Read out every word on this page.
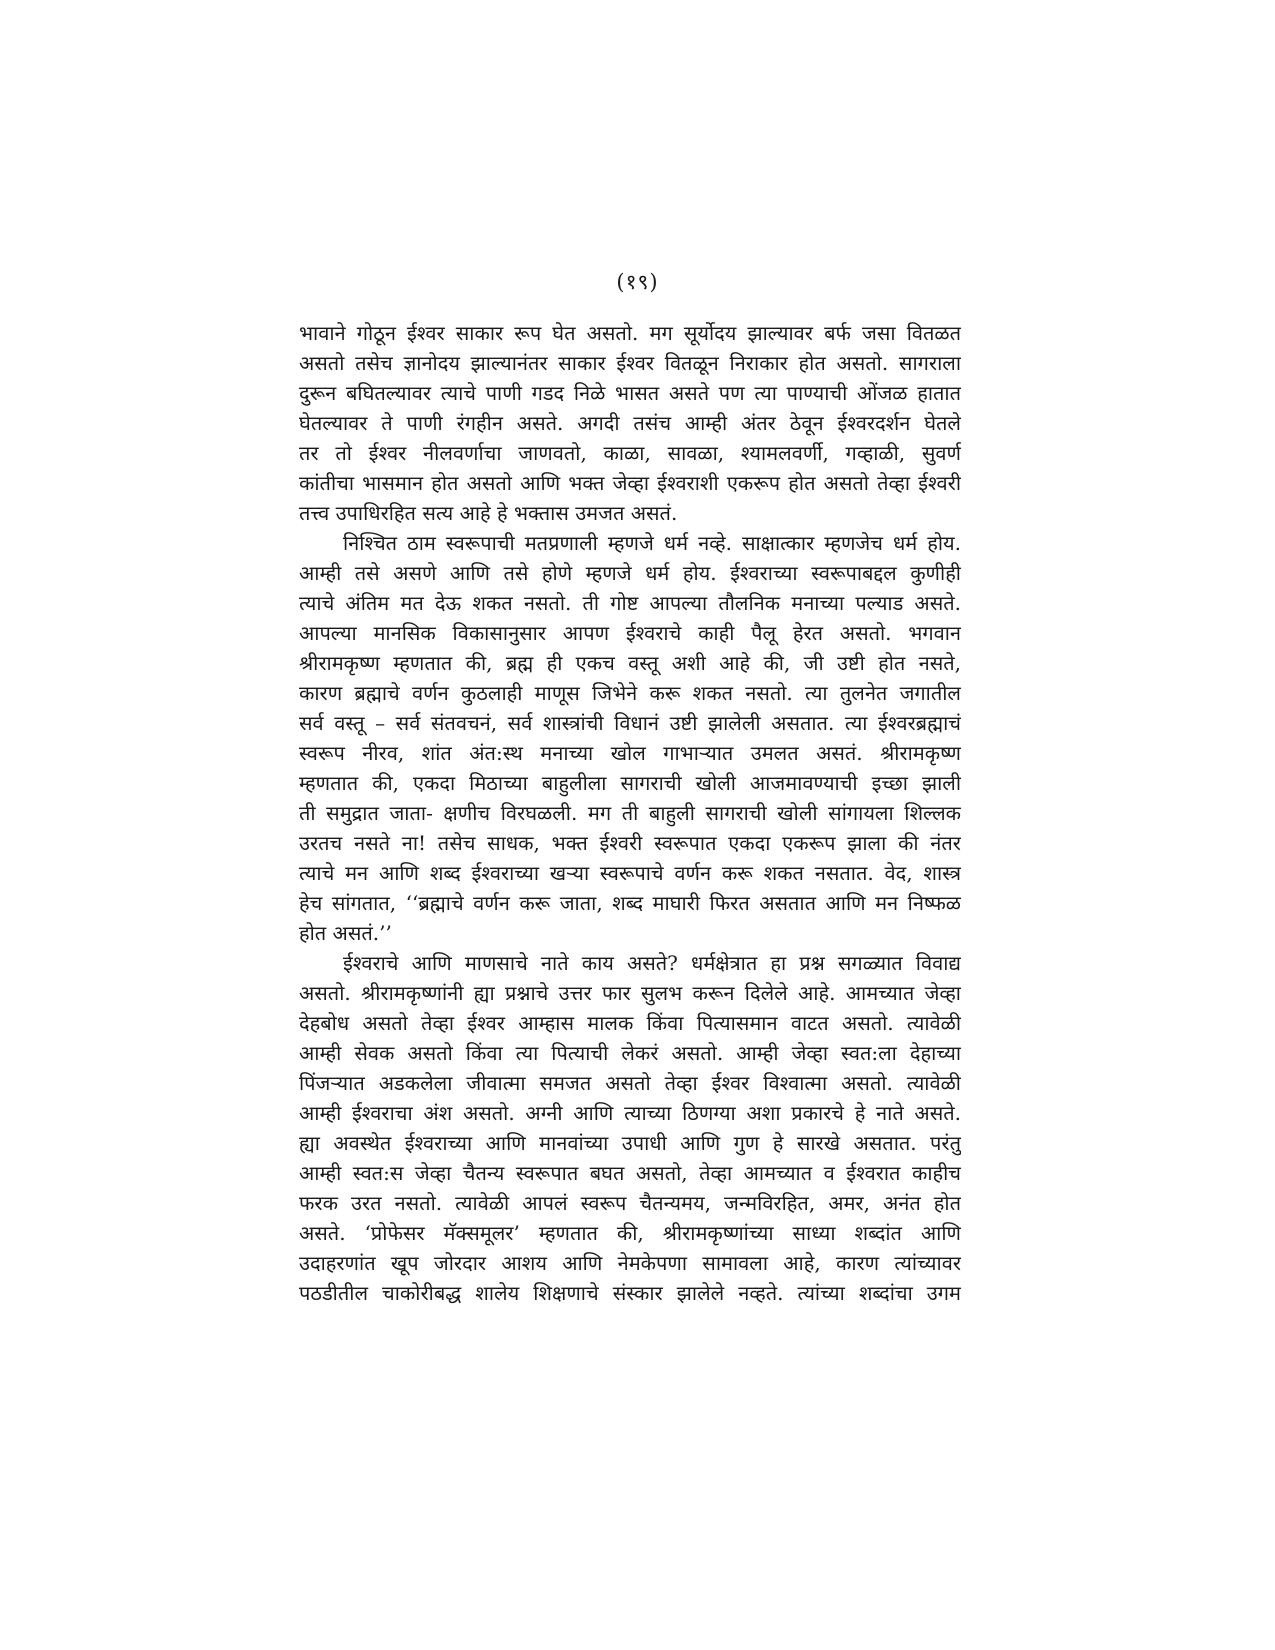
(१९)
भावाने गोठून ईश्वर साकार रूप घेत असतो. मग सूर्योदय झाल्यावर बर्फ जसा वितळत
असतो तसेच ज्ञानोदय झाल्यानंतर साकार ईश्वर वितळून निराकार होत असतो. सागराला
दुरून बघितल्यावर त्याचे पाणी गडद निळे भासत असते पण त्या पाण्याची ओंजळ हातात
घेतल्यावर ते पाणी रंगहीन असते. अगदी तसंच आम्ही अंतर ठेवून ईश्वरदर्शन घेतले
तर तो ईश्वर नीलवर्णाचा जाणवतो, काळा, सावळा, श्यामलवर्णी, गव्हाळी, सुवर्ण
कांतीचा भासमान होत असतो आणि भक्त जेव्हा ईश्वराशी एकरूप होत असतो तेव्हा ईश्वरी
तत्त्व उपाधिरहित सत्य आहे हे भक्तास उमजत असतं.
निश्चित ठाम स्वरूपाची मतप्रणाली म्हणजे धर्म नव्हे. साक्षात्कार म्हणजेच धर्म होय.
आम्ही तसे असणे आणि तसे होणे म्हणजे धर्म होय. ईश्वराच्या स्वरूपाबद्दल कुणीही
त्याचे अंतिम मत देऊ शकत नसतो. ती गोष्ट आपल्या तौलनिक मनाच्या पल्याड असते.
आपल्या मानसिक विकासानुसार आपण ईश्वराचे काही पैलू हेरत असतो. भगवान
श्रीरामकृष्ण म्हणतात की, ब्रह्म ही एकच वस्तू अशी आहे की, जी उष्टी होत नसते,
कारण ब्रह्माचे वर्णन कुठलाही माणूस जिभेने करू शकत नसतो. त्या तुलनेत जगातील
सर्व वस्तू – सर्व संतवचनं, सर्व शास्त्रांची विधानं उष्टी झालेली असतात. त्या ईश्वरब्रह्माचं
स्वरूप नीरव, शांत अंत:स्थ मनाच्या खोल गाभाऱ्यात उमलत असतं. श्रीरामकृष्ण
म्हणतात की, एकदा मिठाच्या बाहुलीला सागराची खोली आजमावण्याची इच्छा झाली
ती समुद्रात जाता- क्षणीच विरघळली. मग ती बाहुली सागराची खोली सांगायला शिल्लक
उरतच नसते ना! तसेच साधक, भक्त ईश्वरी स्वरूपात एकदा एकरूप झाला की नंतर
त्याचे मन आणि शब्द ईश्वराच्या खऱ्या स्वरूपाचे वर्णन करू शकत नसतात. वेद, शास्त्र
हेच सांगतात, ‘‘ब्रह्माचे वर्णन करू जाता, शब्द माघारी फिरत असतात आणि मन निष्फळ
होत असतं.’’
ईश्वराचे आणि माणसाचे नाते काय असते? धर्मक्षेत्रात हा प्रश्न सगळ्यात विवाद्य
असतो. श्रीरामकृष्णांनी ह्या प्रश्नाचे उत्तर फार सुलभ करून दिलेले आहे. आमच्यात जेव्हा
देहबोध असतो तेव्हा ईश्वर आम्हास मालक किंवा पित्यासमान वाटत असतो. त्यावेळी
आम्ही सेवक असतो किंवा त्या पित्याची लेकरं असतो. आम्ही जेव्हा स्वत:ला देहाच्या
पिंजऱ्यात अडकलेला जीवात्मा समजत असतो तेव्हा ईश्वर विश्वात्मा असतो. त्यावेळी
आम्ही ईश्वराचा अंश असतो. अग्नी आणि त्याच्या ठिणग्या अशा प्रकारचे हे नाते असते.
ह्या अवस्थेत ईश्वराच्या आणि मानवांच्या उपाधी आणि गुण हे सारखे असतात. परंतु
आम्ही स्वत:स जेव्हा चैतन्य स्वरूपात बघत असतो, तेव्हा आमच्यात व ईश्वरात काहीच
फरक उरत नसतो. त्यावेळी आपलं स्वरूप चैतन्यमय, जन्मविरहित, अमर, अनंत होत
असते. ‘प्रोफेसर मॅक्समूलर’ म्हणतात की, श्रीरामकृष्णांच्या साध्या शब्दांत आणि
उदाहरणांत खूप जोरदार आशय आणि नेमकेपणा सामावला आहे, कारण त्यांच्यावर
पठडीतील चाकोरीबद्ध शालेय शिक्षणाचे संस्कार झालेले नव्हते. त्यांच्या शब्दांचा उगम
